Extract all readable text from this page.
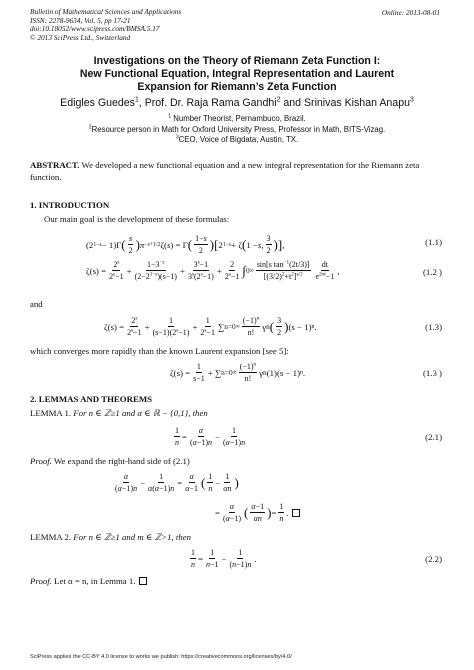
Bulletin of Mathematical Sciences and Applications
ISSN: 2278-9634, Vol. 5, pp 17-21
doi:10.18052/www.scipress.com/BMSA.5.17
© 2013 SciPress Ltd., Switzerland
Online: 2013-08-01
Investigations on the Theory of Riemann Zeta Function I:
New Functional Equation, Integral Representation and Laurent
Expansion for Riemann’s Zeta Function
Edigles Guedes$^1$, Prof. Dr. Raja Rama Gandhi$^2$ and Srinivas Kishan Anapu$^3$
$^1$ Number Theorist, Pernambuco, Brazil.
$^2$Resource person in Math for Oxford University Press, Professor in Math, BITS-Vizag.
$^3$CEO, Voice of Bigdata, Austin, TX.
ABSTRACT. We developed a new functional equation and a new integral representation for the Riemann zeta function.
1. INTRODUCTION
Our main goal is the development of these formulas:
(2 1−s − 1)Γ ( $\frac{s}{2}$ ) π −s+1/2 ζ( s ) = Γ ( $\frac{1-s}{2}$ ) [ 2 1−s + ζ ( 1 − s , $\frac{3}{2}$ ) ] ,	(1.1)
$\zeta(s) = \frac{2^s}{2^s-1} + \frac{1-3^{-s}}{(2-2^{1-s})(s-1)} + \frac{3^s-1}{3^s(2^s-1)} + \frac{2}{2^s-1}$ ∫ 0 ∞ $\frac{\sin[s \tan^{-1}(2t/3)]}{[(3/2)^2+t^2]^{s/2}} \frac{dt}{e^{2\pi t}-1}$ ,	(1.2 )
and
$\zeta(s) = \frac{2^s}{2^s-1} + \frac{1}{(s-1)(2^s-1)} + \frac{1}{2^s-1}$ ∑ n=0 ∞ $\frac{(-1)^n}{n!}$ γ n ( $\frac{3}{2}$ ) (s − 1) n .	(1.3)
which converges more rapidly than the known Laurent expansion [see 5]:
$\zeta(s) = \frac{1}{s-1}$ + ∑ n=0 ∞ $\frac{(-1)^n}{n!}$ γ n (1)(s − 1) n .	(1.3 )
2. LEMMAS AND THEOREMS
LEMMA 1. For n ∈ ℤ≥1 and α ∈ ℝ − {0,1}, then
$\frac{1}{n} = \frac{\alpha}{(\alpha-1)n} - \frac{1}{(\alpha-1)n}$	(2.1)
Proof. We expand the right-hand side of (2.1)
$\frac{\alpha}{(\alpha-1)n} - \frac{1}{\alpha(\alpha-1)n} = \frac{\alpha}{\alpha-1}$ ( $\frac{1}{n} - \frac{1}{\alpha n}$ )
= $\frac{\alpha}{(\alpha-1)}$ ( $\frac{\alpha-1}{\alpha n}$ ) = $\frac{1}{n}$ .
LEMMA 2. For n ∈ ℤ≥1 and m ∈ ℤ>1, then
$\frac{1}{n} = \frac{1}{n-1} - \frac{1}{(n-1)n}$ .	(2.2)
Proof. Let α = n, in Lemma 1.
SciPress applies the CC-BY 4.0 license to works we publish: https://creativecommons.org/licenses/by/4.0/
